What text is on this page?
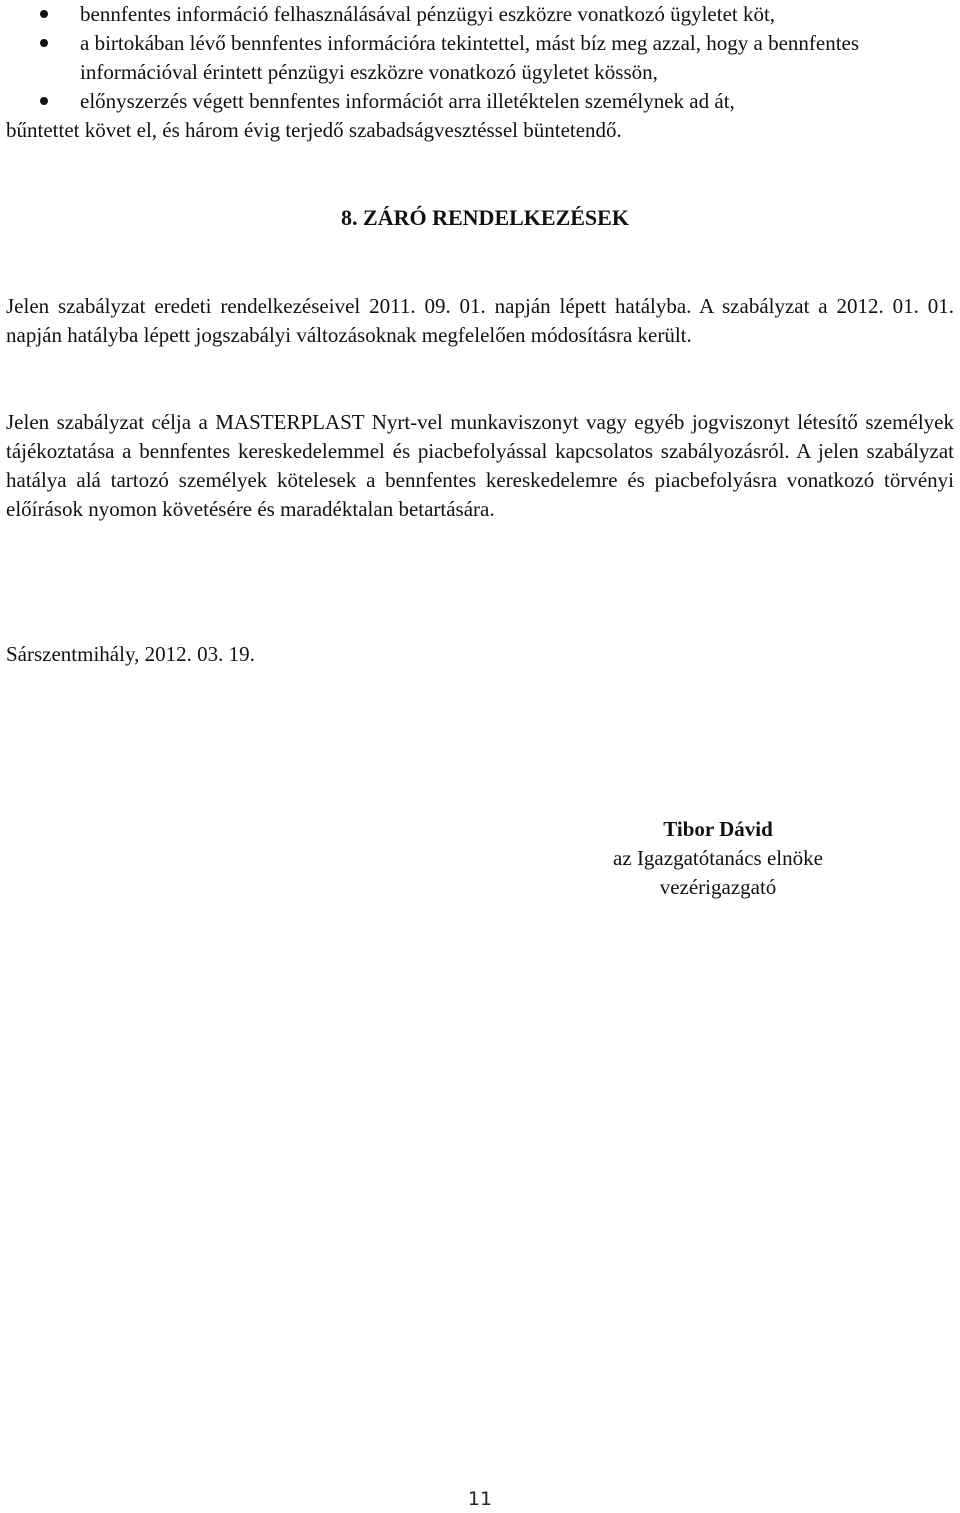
bennfentes információ felhasználásával pénzügyi eszközre vonatkozó ügyletet köt,
a birtokában lévő bennfentes információra tekintettel, mást bíz meg azzal, hogy a bennfentes információval érintett pénzügyi eszközre vonatkozó ügyletet kössön,
előnyszerzés végett bennfentes információt arra illetéktelen személynek ad át,
bűntettet követ el, és három évig terjedő szabadságvesztéssel büntetendő.
8. ZÁRÓ RENDELKEZÉSEK

Jelen szabályzat eredeti rendelkezéseivel 2011. 09. 01. napján lépett hatályba. A szabályzat a 2012. 01. 01. napján hatályba lépett jogszabályi változásoknak megfelelően módosításra került.

Jelen szabályzat célja a MASTERPLAST Nyrt-vel munkaviszonyt vagy egyéb jogviszonyt létesítő személyek tájékoztatása a bennfentes kereskedelemmel és piacbefolyással kapcsolatos szabályozásról. A jelen szabályzat hatálya alá tartozó személyek kötelesek a bennfentes kereskedelemre és piacbefolyásra vonatkozó törvényi előírások nyomon követésére és maradéktalan betartására.

Sárszentmihály, 2012. 03. 19.

Tibor Dávid
az Igazgatótanács elnöke
vezérigazgató
11
